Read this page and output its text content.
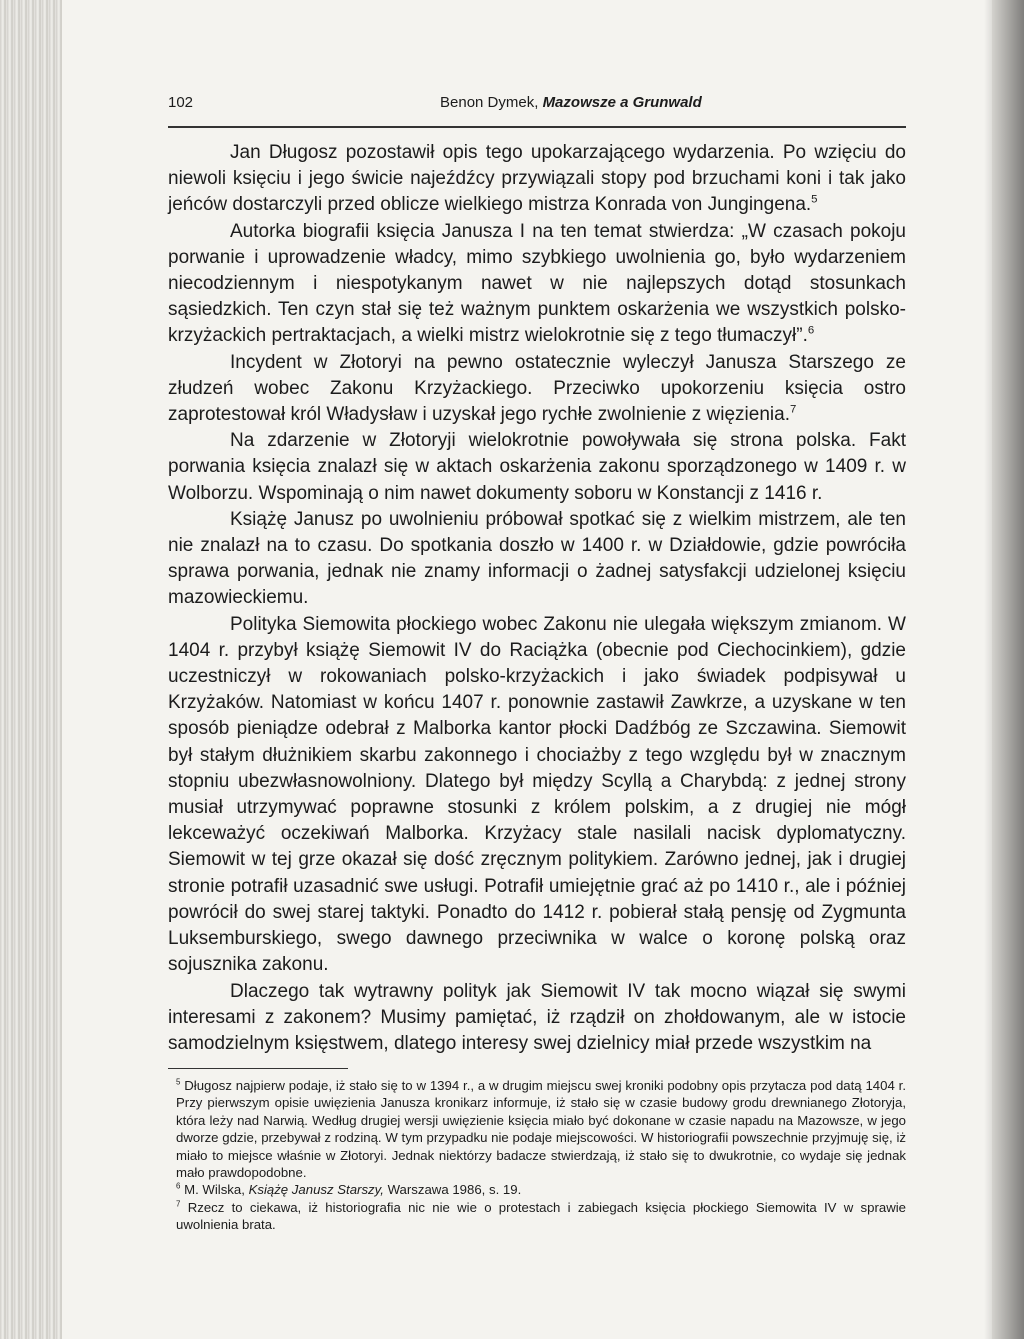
102	Benon Dymek, Mazowsze a Grunwald

Jan Długosz pozostawił opis tego upokarzającego wydarzenia. Po wzięciu do niewoli księciu i jego świcie najeźdźcy przywiązali stopy pod brzuchami koni i tak jako jeńców dostarczyli przed oblicze wielkiego mistrza Konrada von Jungingena.$^5$

Autorka biografii księcia Janusza I na ten temat stwierdza: „W czasach pokoju porwanie i uprowadzenie władcy, mimo szybkiego uwolnienia go, było wydarzeniem niecodziennym i niespotykanym nawet w nie najlepszych dotąd stosunkach sąsiedzkich. Ten czyn stał się też ważnym punktem oskarżenia we wszystkich polsko-krzyżackich pertraktacjach, a wielki mistrz wielokrotnie się z tego tłumaczył”.$^6$

Incydent w Złotoryi na pewno ostatecznie wyleczył Janusza Starszego ze złudzeń wobec Zakonu Krzyżackiego. Przeciwko upokorzeniu księcia ostro zaprotestował król Władysław i uzyskał jego rychłe zwolnienie z więzienia.$^7$

Na zdarzenie w Złotoryji wielokrotnie powoływała się strona polska. Fakt porwania księcia znalazł się w aktach oskarżenia zakonu sporządzonego w 1409 r. w Wolborzu. Wspominają o nim nawet dokumenty soboru w Konstancji z 1416 r.

Książę Janusz po uwolnieniu próbował spotkać się z wielkim mistrzem, ale ten nie znalazł na to czasu. Do spotkania doszło w 1400 r. w Działdowie, gdzie powróciła sprawa porwania, jednak nie znamy informacji o żadnej satysfakcji udzielonej księciu mazowieckiemu.

Polityka Siemowita płockiego wobec Zakonu nie ulegała większym zmianom. W 1404 r. przybył książę Siemowit IV do Raciążka (obecnie pod Ciechocinkiem), gdzie uczestniczył w rokowaniach polsko-krzyżackich i jako świadek podpisywał u Krzyżaków. Natomiast w końcu 1407 r. ponownie zastawił Zawkrze, a uzyskane w ten sposób pieniądze odebrał z Malborka kantor płocki Dadźbóg ze Szczawina. Siemowit był stałym dłużnikiem skarbu zakonnego i chociażby z tego względu był w znacznym stopniu ubezwłasnowolniony. Dlatego był między Scyllą a Charybdą: z jednej strony musiał utrzymywać poprawne stosunki z królem polskim, a z drugiej nie mógł lekceważyć oczekiwań Malborka. Krzyżacy stale nasilali nacisk dyplomatyczny. Siemowit w tej grze okazał się dość zręcznym politykiem. Zarówno jednej, jak i drugiej stronie potrafił uzasadnić swe usługi. Potrafił umiejętnie grać aż po 1410 r., ale i później powrócił do swej starej taktyki. Ponadto do 1412 r. pobierał stałą pensję od Zygmunta Luksemburskiego, swego dawnego przeciwnika w walce o koronę polską oraz sojusznika zakonu.

Dlaczego tak wytrawny polityk jak Siemowit IV tak mocno wiązał się swymi interesami z zakonem? Musimy pamiętać, iż rządził on zhołdowanym, ale w istocie samodzielnym księstwem, dlatego interesy swej dzielnicy miał przede wszystkim na

$^5$ Długosz najpierw podaje, iż stało się to w 1394 r., a w drugim miejscu swej kroniki podobny opis przytacza pod datą 1404 r. Przy pierwszym opisie uwięzienia Janusza kronikarz informuje, iż stało się w czasie budowy grodu drewnianego Złotoryja, która leży nad Narwią. Według drugiej wersji uwięzienie księcia miało być dokonane w czasie napadu na Mazowsze, w jego dworze gdzie, przebywał z rodziną. W tym przypadku nie podaje miejscowości. W historiografii powszechnie przyjmuję się, iż miało to miejsce właśnie w Złotoryi. Jednak niektórzy badacze stwierdzają, iż stało się to dwukrotnie, co wydaje się jednak mało prawdopodobne.

$^6$ M. Wilska, Książę Janusz Starszy, Warszawa 1986, s. 19.

$^7$ Rzecz to ciekawa, iż historiografia nic nie wie o protestach i zabiegach księcia płockiego Siemowita IV w sprawie uwolnienia brata.
